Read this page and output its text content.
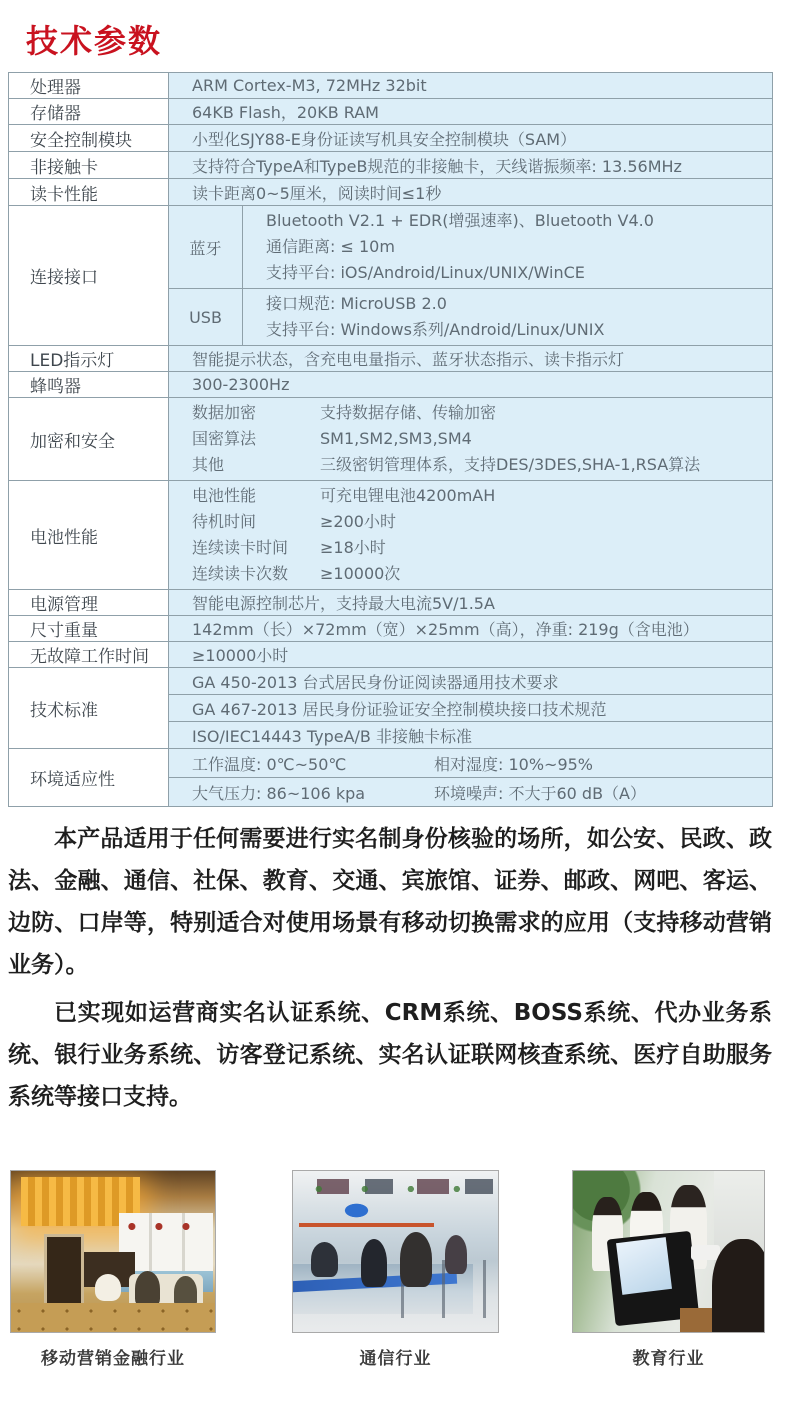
技术参数
处理器	ARM Cortex-M3, 72MHz 32bit	
存储器	64KB Flash，20KB RAM	
安全控制模块	小型化SJY88-E身份证读写机具安全控制模块（SAM）	
非接触卡	支持符合TypeA和TypeB规范的非接触卡，天线谐振频率: 13.56MHz	
读卡性能	读卡距离0~5厘米，阅读时间≤1秒	
连接接口	蓝牙	Bluetooth V2.1 + EDR(增强速率)、Bluetooth V4.0
通信距离: ≤ 10m
支持平台: iOS/Android/Linux/UNIX/WinCE

	USB	接口规范: MicroUSB 2.0
支持平台: Windows系列/Android/Linux/UNIX

LED指示灯	智能提示状态，含充电电量指示、蓝牙状态指示、读卡指示灯	
蜂鸣器	300-2300Hz	
加密和安全	
数据加密	支持数据存储、传输加密
国密算法	SM1,SM2,SM3,SM4
其他	三级密钥管理体系，支持DES/3DES,SHA-1,RSA算法

电池性能	
电池性能	可充电锂电池4200mAH
待机时间	≥200小时
连续读卡时间	≥18小时
连续读卡次数	≥10000次

电源管理	智能电源控制芯片，支持最大电流5V/1.5A	
尺寸重量	142mm（长）×72mm（宽）×25mm（高），净重: 219g（含电池）	
无故障工作时间	≥10000小时	
技术标准	GA 450-2013 台式居民身份证阅读器通用技术要求	
	GA 467-2013 居民身份证验证安全控制模块接口技术规范	
	ISO/IEC14443 TypeA/B 非接触卡标准	
环境适应性	工作温度: 0℃~50℃ 相对湿度: 10%~95%	

	大气压力: 86~106 kpa 环境噪声: 不大于60 dB（A）	

本产品适用于任何需要进行实名制身份核验的场所，如公安、民政、政法、金融、通信、社保、教育、交通、宾旅馆、证券、邮政、网吧、客运、边防、口岸等，特别适合对使用场景有移动切换需求的应用（支持移动营销业务）。

已实现如运营商实名认证系统、CRM系统、BOSS系统、代办业务系统、银行业务系统、访客登记系统、实名认证联网核查系统、医疗自助服务系统等接口支持。

移动营销金融行业	通信行业	教育行业
